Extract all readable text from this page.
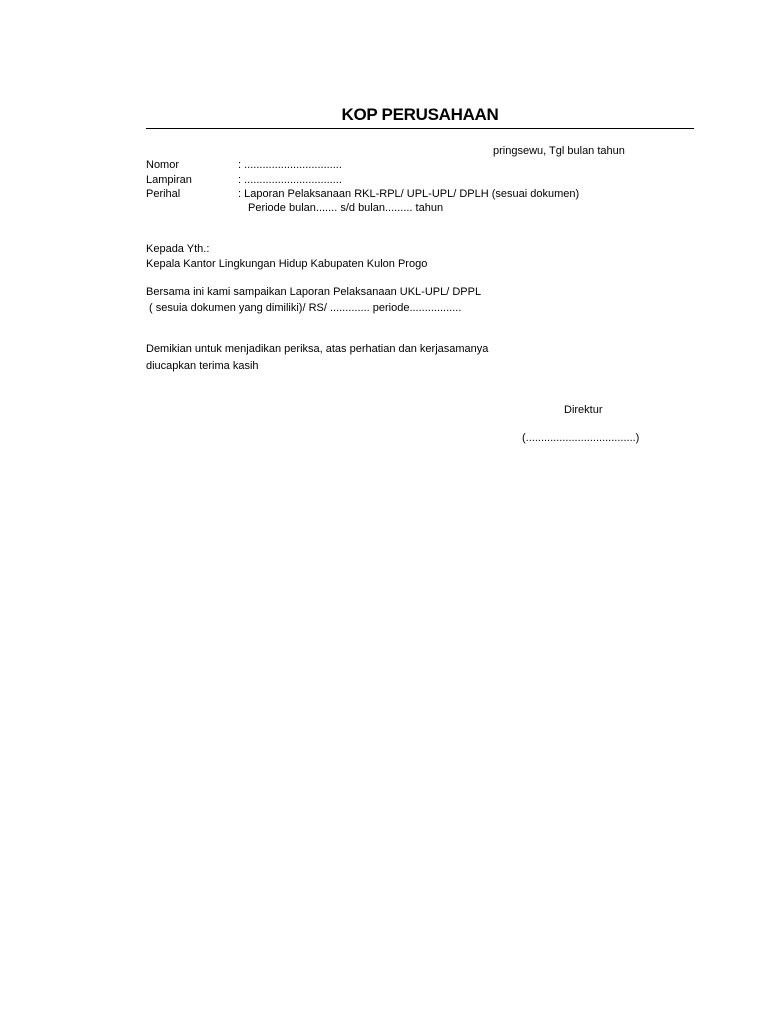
KOP PERUSAHAAN
pringsewu, Tgl bulan tahun
Nomor	: ................................
Lampiran	: ................................
Perihal	: Laporan Pelaksanaan RKL-RPL/ UPL-UPL/ DPLH (sesuai dokumen)
Periode bulan....... s/d bulan......... tahun
Kepada Yth.:
Kepala Kantor Lingkungan Hidup Kabupaten Kulon Progo
Bersama ini kami sampaikan Laporan Pelaksanaan UKL-UPL/ DPPL
( sesuia dokumen yang dimiliki)/ RS/ ............. periode.................
Demikian untuk menjadikan periksa, atas perhatian dan kerjasamanya
diucapkan terima kasih
Direktur
(....................................)
